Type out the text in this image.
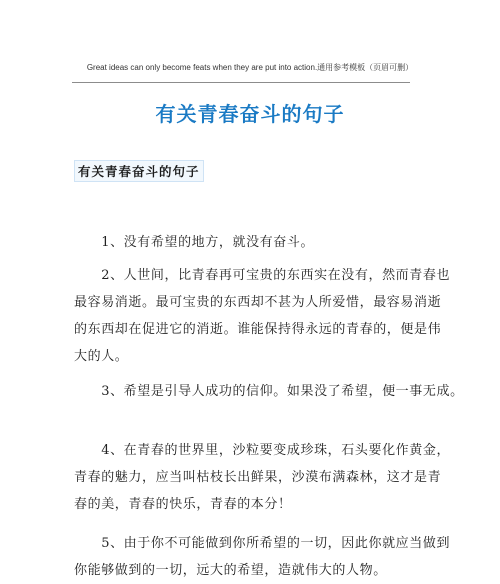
Great ideas can only become feats when they are put into action.通用参考模板（页眉可删）
有关青春奋斗的句子
有关青春奋斗的句子
　　1、没有希望的地方，就没有奋斗。
　　2、人世间，比青春再可宝贵的东西实在没有，然而青春也
最容易消逝。最可宝贵的东西却不甚为人所爱惜，最容易消逝
的东西却在促进它的消逝。谁能保持得永远的青春的，便是伟
大的人。
　　3、希望是引导人成功的信仰。如果没了希望，便一事无成。
　　4、在青春的世界里，沙粒要变成珍珠，石头要化作黄金，
青春的魅力，应当叫枯枝长出鲜果，沙漠布满森林，这才是青
春的美，青春的快乐，青春的本分！
　　5、由于你不可能做到你所希望的一切，因此你就应当做到
你能够做到的一切，远大的希望，造就伟大的人物。
